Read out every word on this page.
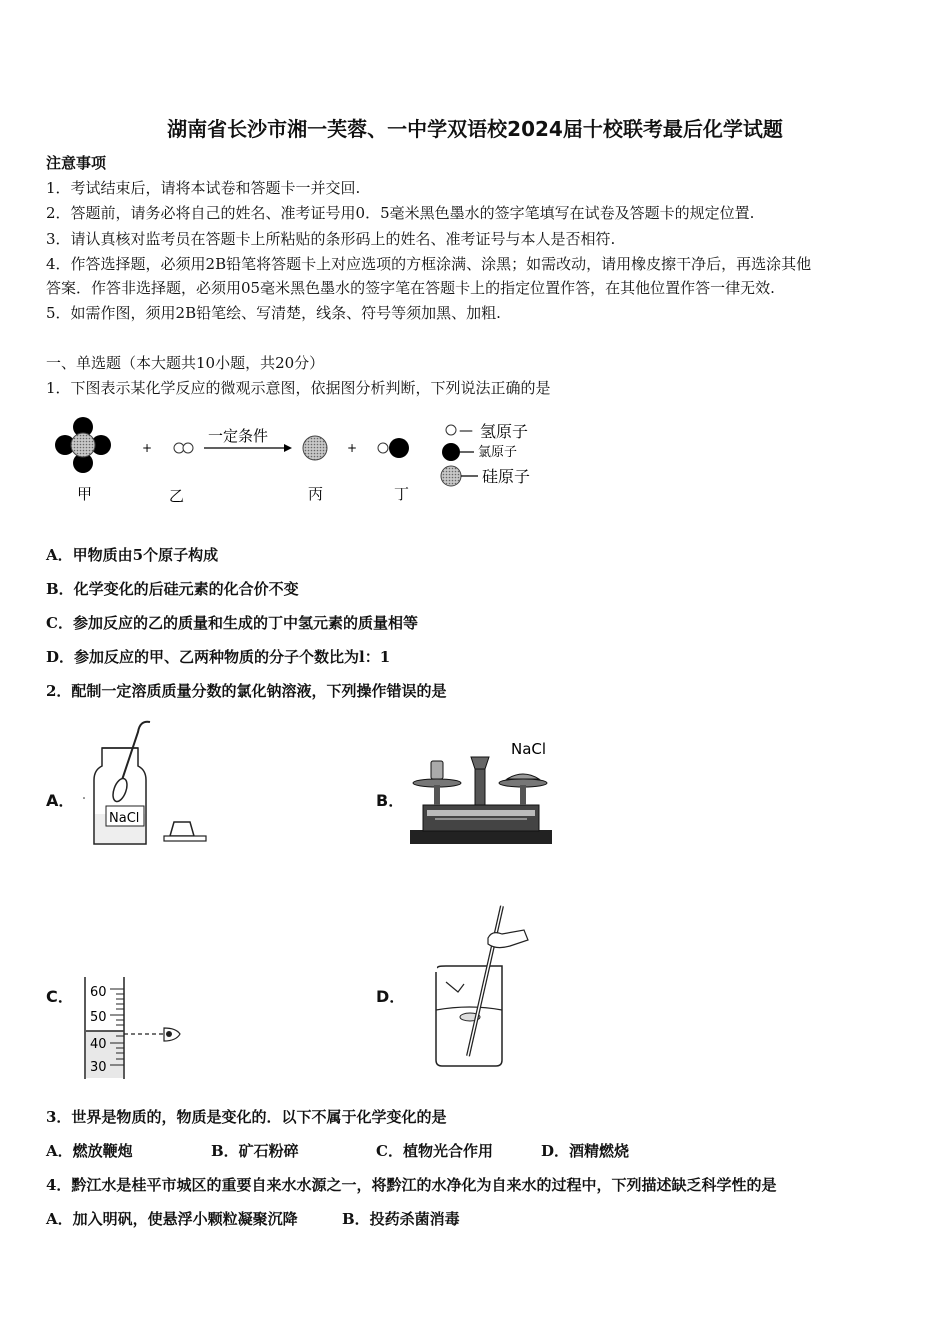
湖南省长沙市湘一芙蓉、一中学双语校2024届十校联考最后化学试题
注意事项
1．考试结束后，请将本试卷和答题卡一并交回.
2．答题前，请务必将自己的姓名、准考证号用0．5毫米黑色墨水的签字笔填写在试卷及答题卡的规定位置.
3．请认真核对监考员在答题卡上所粘贴的条形码上的姓名、准考证号与本人是否相符.
4．作答选择题，必须用2B铅笔将答题卡上对应选项的方框涂满、涂黑；如需改动，请用橡皮擦干净后，再选涂其他
答案．作答非选择题，必须用05毫米黑色墨水的签字笔在答题卡上的指定位置作答，在其他位置作答一律无效.
5．如需作图，须用2B铅笔绘、写清楚，线条、符号等须加黑、加粗.
一、单选题（本大题共10小题，共20分）
1．下图表示某化学反应的微观示意图，依据图分析判断，下列说法正确的是
+
一定条件
+
— 氢原子
氯原子
硅原子
甲	乙	丙	丁
A．甲物质由5个原子构成
B．化学变化的后硅元素的化合价不变
C．参加反应的乙的质量和生成的丁中氢元素的质量相等
D．参加反应的甲、乙两种物质的分子个数比为l：1
2．配制一定溶质质量分数的氯化钠溶液，下列操作错误的是
A．
NaCl
B．
NaCl
C． 60
50
40
30
D．
3．世界是物质的，物质是变化的．以下不属于化学变化的是
A．燃放鞭炮	B．矿石粉碎	C．植物光合作用	D．酒精燃烧
4．黔江水是桂平市城区的重要自来水水源之一，将黔江的水净化为自来水的过程中，下列描述缺乏科学性的是
A．加入明矾，使悬浮小颗粒凝聚沉降	B．投药杀菌消毒
